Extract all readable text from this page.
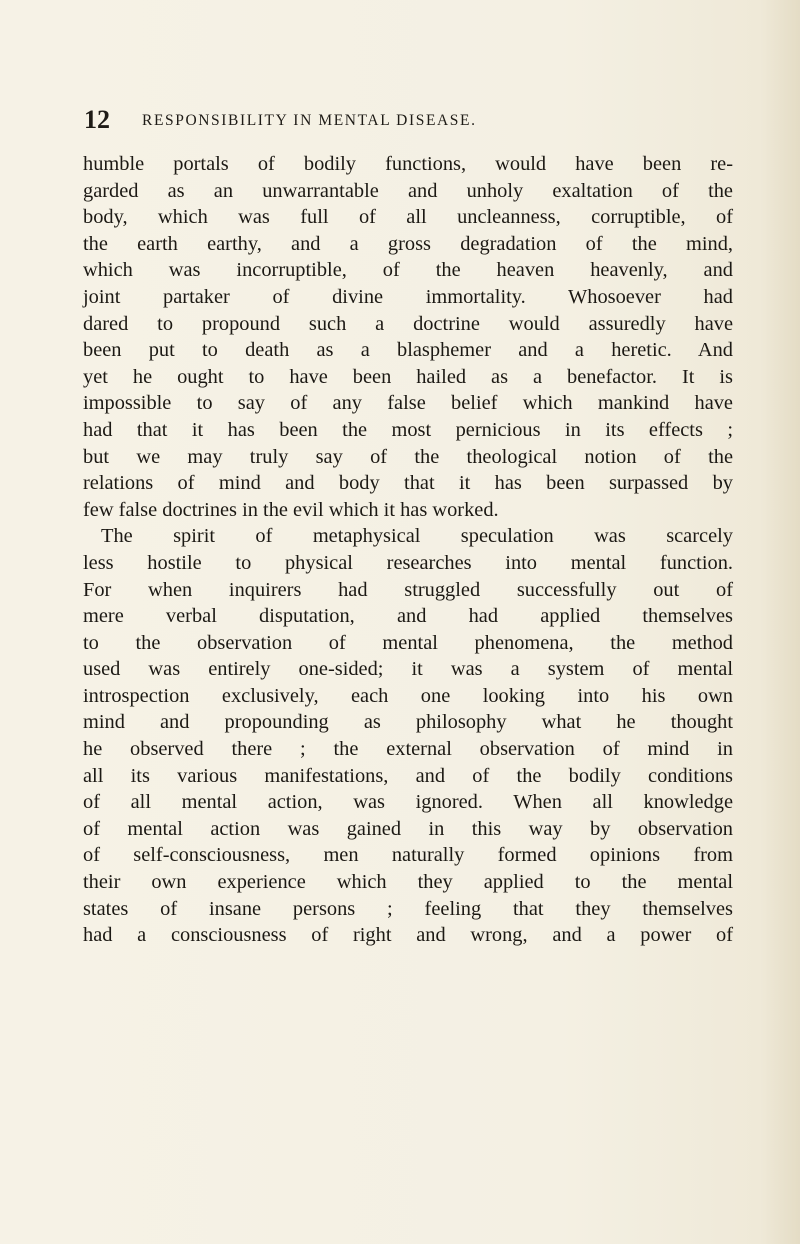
12 RESPONSIBILITY IN MENTAL DISEASE.
humble portals of bodily functions, would have been re-
garded as an unwarrantable and unholy exaltation of the
body, which was full of all uncleanness, corruptible, of
the earth earthy, and a gross degradation of the mind,
which was incorruptible, of the heaven heavenly, and
joint partaker of divine immortality. Whosoever had
dared to propound such a doctrine would assuredly have
been put to death as a blasphemer and a heretic. And
yet he ought to have been hailed as a benefactor. It is
impossible to say of any false belief which mankind have
had that it has been the most pernicious in its effects ;
but we may truly say of the theological notion of the
relations of mind and body that it has been surpassed by
few false doctrines in the evil which it has worked.
The spirit of metaphysical speculation was scarcely
less hostile to physical researches into mental function.
For when inquirers had struggled successfully out of
mere verbal disputation, and had applied themselves
to the observation of mental phenomena, the method
used was entirely one-sided; it was a system of mental
introspection exclusively, each one looking into his own
mind and propounding as philosophy what he thought
he observed there ; the external observation of mind in
all its various manifestations, and of the bodily conditions
of all mental action, was ignored. When all knowledge
of mental action was gained in this way by observation
of self-consciousness, men naturally formed opinions from
their own experience which they applied to the mental
states of insane persons ; feeling that they themselves
had a consciousness of right and wrong, and a power of
